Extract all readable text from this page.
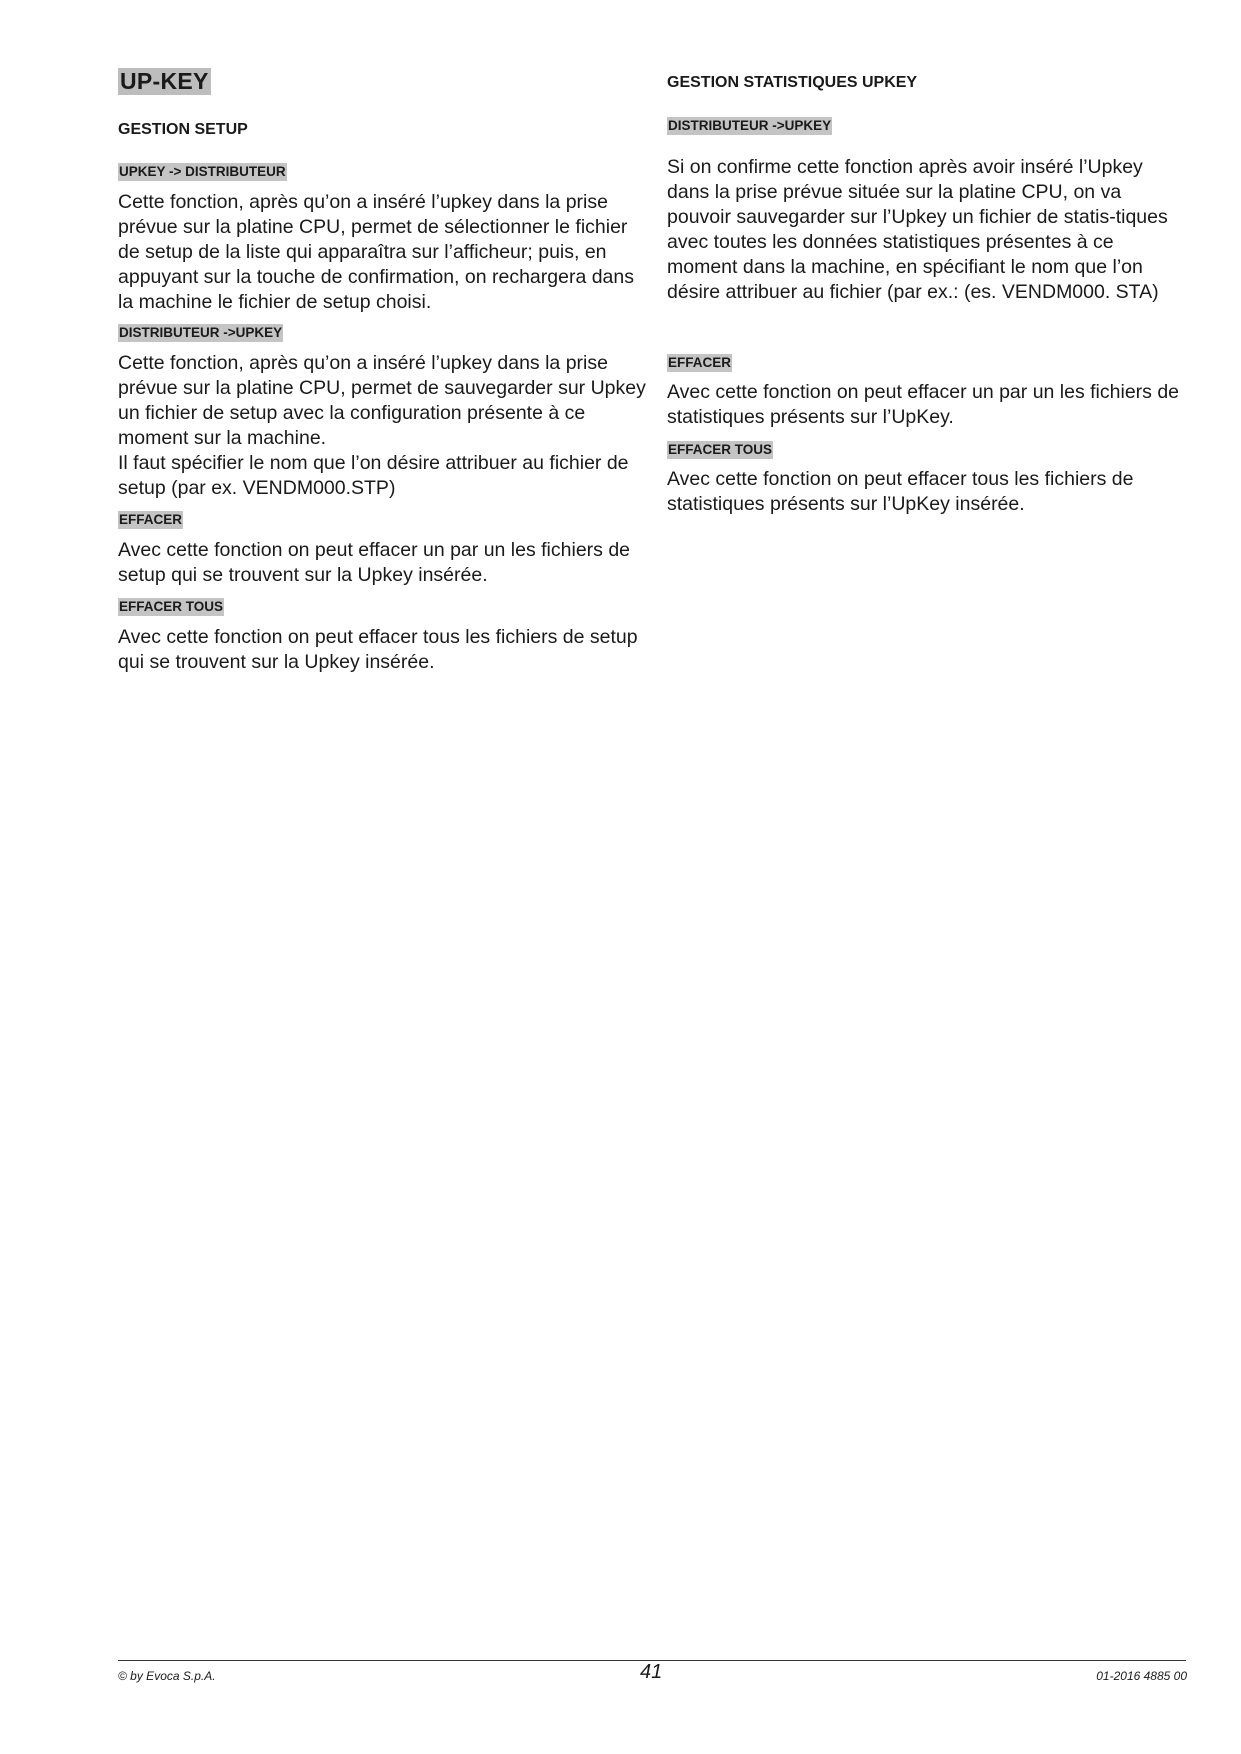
UP-KEY
GESTION SETUP
UPKEY -> DISTRIBUTEUR

Cette fonction, après qu’on a inséré l’upkey dans la prise prévue sur la platine CPU, permet de sélectionner le fichier de setup de la liste qui apparaîtra sur l’afficheur; puis, en appuyant sur la touche de confirmation, on rechargera dans la machine le fichier de setup choisi.

DISTRIBUTEUR ->UPKEY

Cette fonction, après qu’on a inséré l’upkey dans la prise prévue sur la platine CPU, permet de sauvegarder sur Upkey un fichier de setup avec la configuration présente à ce moment sur la machine.

Il faut spécifier le nom que l’on désire attribuer au fichier de setup (par ex. VENDM000.STP)

EFFACER

Avec cette fonction on peut effacer un par un les fichiers de setup qui se trouvent sur la Upkey insérée.

EFFACER TOUS

Avec cette fonction on peut effacer tous les fichiers de setup qui se trouvent sur la Upkey insérée.

GESTION STATISTIQUES UPKEY
DISTRIBUTEUR ->UPKEY

Si on confirme cette fonction après avoir inséré l’Upkey dans la prise prévue située sur la platine CPU, on va pouvoir sauvegarder sur l’Upkey un fichier de statis-tiques avec toutes les données statistiques présentes à ce moment dans la machine, en spécifiant le nom que l’on désire attribuer au fichier (par ex.: (es. VENDM000. STA)

EFFACER

Avec cette fonction on peut effacer un par un les fichiers de statistiques présents sur l’UpKey.

EFFACER TOUS

Avec cette fonction on peut effacer tous les fichiers de statistiques présents sur l’UpKey insérée.

© by Evoca S.p.A.	41	01-2016 4885 00
